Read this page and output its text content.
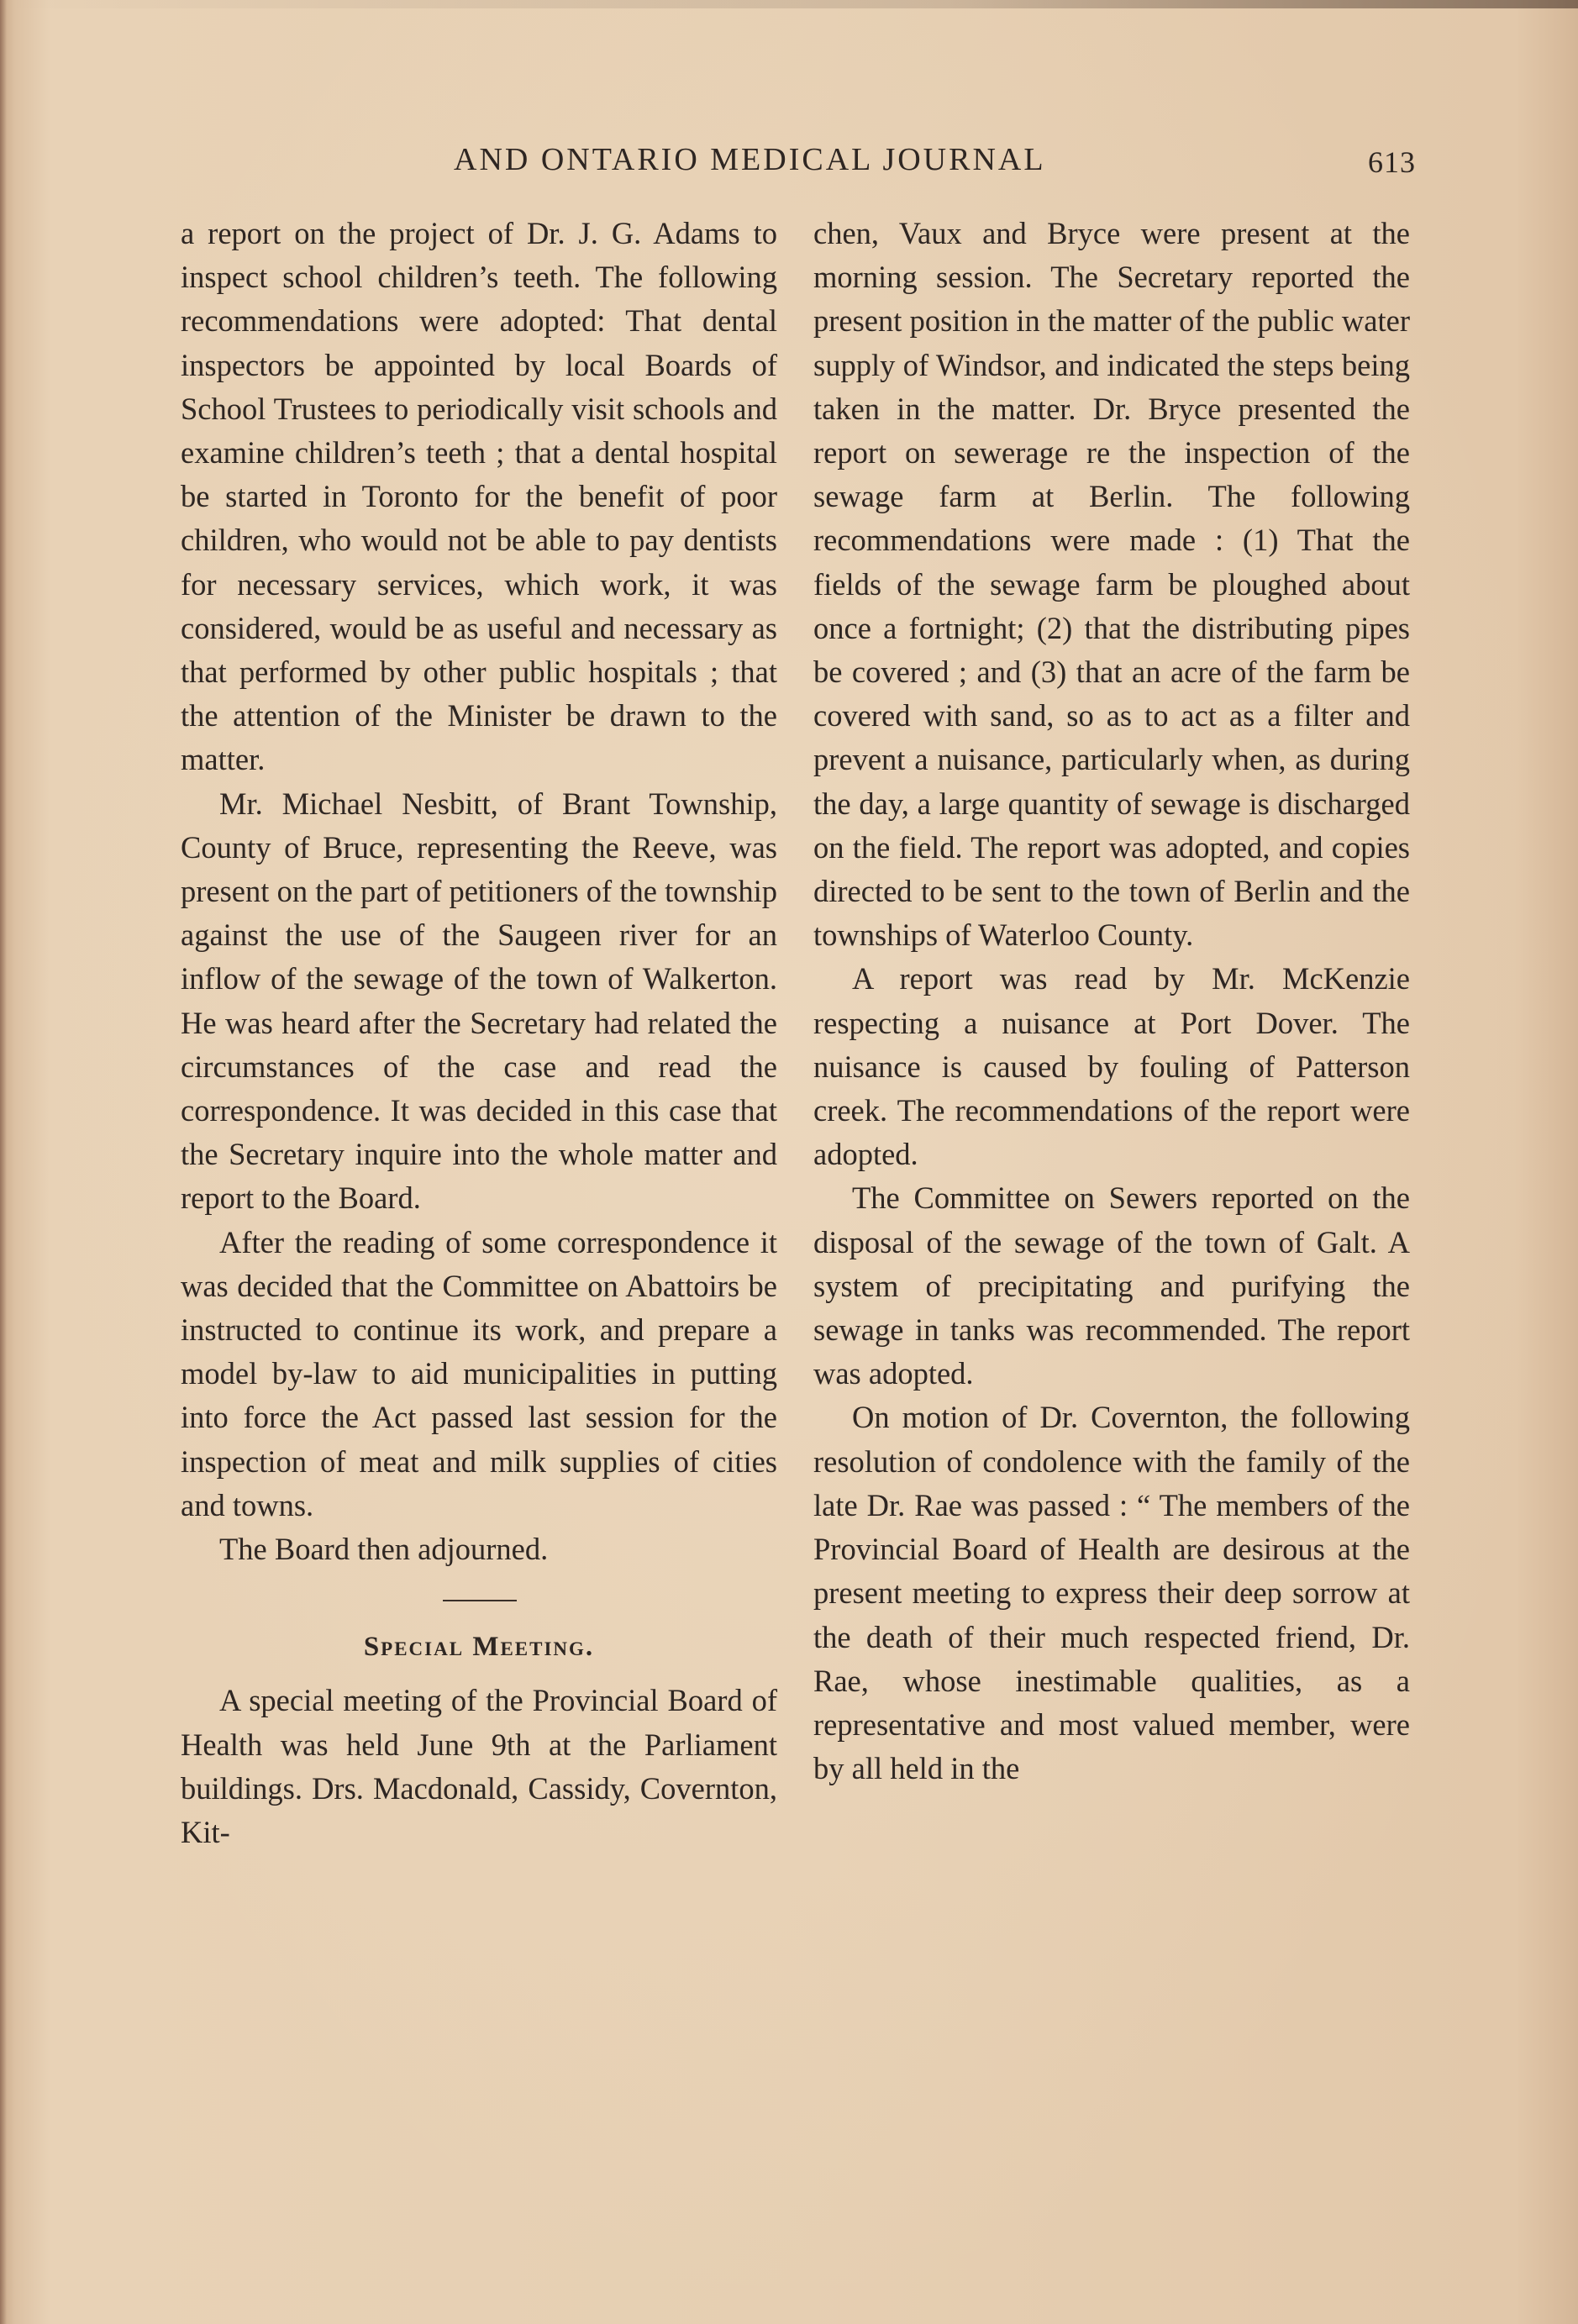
AND ONTARIO MEDICAL JOURNAL	613

a report on the project of Dr. J. G. Adams to inspect school children’s teeth. The following recommendations were adopted: That dental inspectors be appointed by local Boards of School Trustees to periodically visit schools and examine children’s teeth ; that a dental hospital be started in Toronto for the benefit of poor children, who would not be able to pay dentists for necessary services, which work, it was considered, would be as useful and necessary as that performed by other public hospitals ; that the attention of the Minister be drawn to the matter.

Mr. Michael Nesbitt, of Brant Township, County of Bruce, representing the Reeve, was present on the part of petitioners of the township against the use of the Saugeen river for an inflow of the sewage of the town of Walkerton. He was heard after the Secretary had related the circumstances of the case and read the correspondence. It was decided in this case that the Secretary inquire into the whole matter and report to the Board.

After the reading of some correspondence it was decided that the Committee on Abattoirs be instructed to continue its work, and prepare a model by-law to aid municipalities in putting into force the Act passed last session for the inspection of meat and milk supplies of cities and towns.

The Board then adjourned.

Special Meeting.

A special meeting of the Provincial Board of Health was held June 9th at the Parliament buildings. Drs. Macdonald, Cassidy, Covernton, Kit-

chen, Vaux and Bryce were present at the morning session. The Secretary reported the present position in the matter of the public water supply of Windsor, and indicated the steps being taken in the matter. Dr. Bryce presented the report on sewerage re the inspection of the sewage farm at Berlin. The following recommendations were made : (1) That the fields of the sewage farm be ploughed about once a fortnight; (2) that the distributing pipes be covered ; and (3) that an acre of the farm be covered with sand, so as to act as a filter and prevent a nuisance, particularly when, as during the day, a large quantity of sewage is discharged on the field. The report was adopted, and copies directed to be sent to the town of Berlin and the townships of Waterloo County.

A report was read by Mr. McKenzie respecting a nuisance at Port Dover. The nuisance is caused by fouling of Patterson creek. The recommendations of the report were adopted.

The Committee on Sewers reported on the disposal of the sewage of the town of Galt. A system of precipitating and purifying the sewage in tanks was recommended. The report was adopted.

On motion of Dr. Covernton, the following resolution of condolence with the family of the late Dr. Rae was passed : “ The members of the Provincial Board of Health are desirous at the present meeting to express their deep sorrow at the death of their much respected friend, Dr. Rae, whose inestimable qualities, as a representative and most valued member, were by all held in the
